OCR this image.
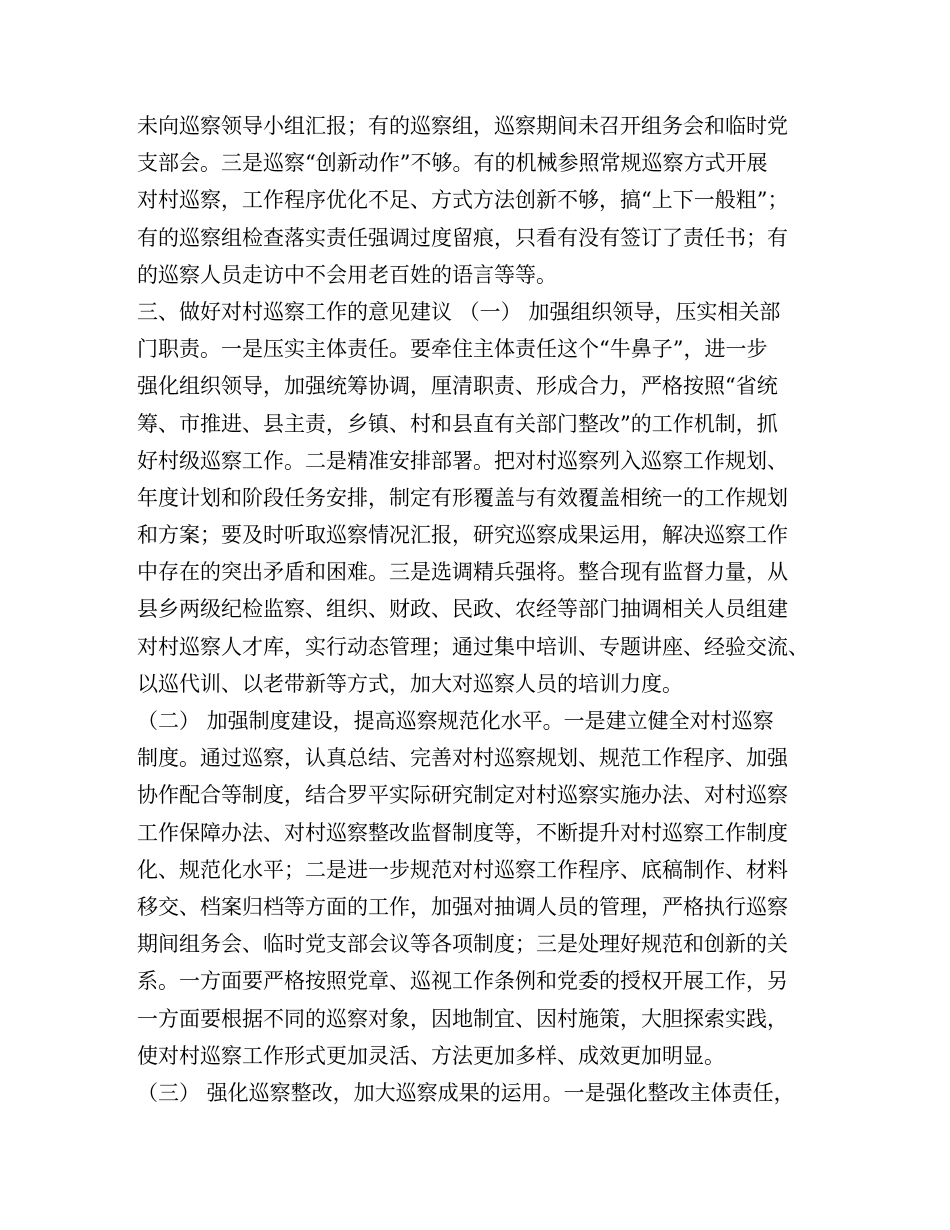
未向巡察领导小组汇报；有的巡察组，巡察期间未召开组务会和临时党
支部会。三是巡察“创新动作”不够。有的机械参照常规巡察方式开展
对村巡察，工作程序优化不足、方式方法创新不够，搞“上下一般粗”；
有的巡察组检查落实责任强调过度留痕，只看有没有签订了责任书；有
的巡察人员走访中不会用老百姓的语言等等。
三、做好对村巡察工作的意见建议 （一） 加强组织领导，压实相关部
门职责。一是压实主体责任。要牵住主体责任这个“牛鼻子”，进一步
强化组织领导，加强统筹协调，厘清职责、形成合力，严格按照“省统
筹、市推进、县主责，乡镇、村和县直有关部门整改”的工作机制，抓
好村级巡察工作。二是精准安排部署。把对村巡察列入巡察工作规划、
年度计划和阶段任务安排，制定有形覆盖与有效覆盖相统一的工作规划
和方案；要及时听取巡察情况汇报，研究巡察成果运用，解决巡察工作
中存在的突出矛盾和困难。三是选调精兵强将。整合现有监督力量，从
县乡两级纪检监察、组织、财政、民政、农经等部门抽调相关人员组建
对村巡察人才库，实行动态管理；通过集中培训、专题讲座、经验交流、
以巡代训、以老带新等方式，加大对巡察人员的培训力度。
（二） 加强制度建设，提高巡察规范化水平。一是建立健全对村巡察
制度。通过巡察，认真总结、完善对村巡察规划、规范工作程序、加强
协作配合等制度，结合罗平实际研究制定对村巡察实施办法、对村巡察
工作保障办法、对村巡察整改监督制度等，不断提升对村巡察工作制度
化、规范化水平；二是进一步规范对村巡察工作程序、底稿制作、材料
移交、档案归档等方面的工作，加强对抽调人员的管理，严格执行巡察
期间组务会、临时党支部会议等各项制度；三是处理好规范和创新的关
系。一方面要严格按照党章、巡视工作条例和党委的授权开展工作，另
一方面要根据不同的巡察对象，因地制宜、因村施策，大胆探索实践，
使对村巡察工作形式更加灵活、方法更加多样、成效更加明显。
（三） 强化巡察整改，加大巡察成果的运用。一是强化整改主体责任，
